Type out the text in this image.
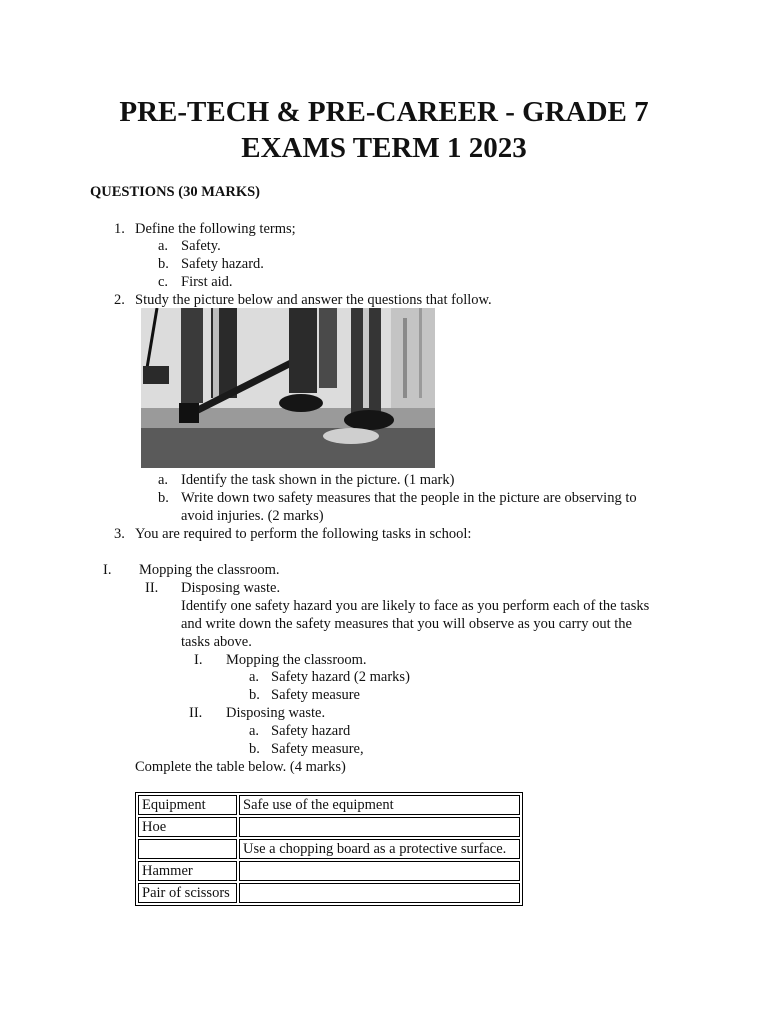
PRE-TECH & PRE-CAREER - GRADE 7
EXAMS TERM 1 2023
QUESTIONS (30 MARKS)
1. Define the following terms;
a. Safety.
b. Safety hazard.
c. First aid.
2. Study the picture below and answer the questions that follow.
a. Identify the task shown in the picture. (1 mark)
b. Write down two safety measures that the people in the picture are observing to
avoid injuries. (2 marks)
3. You are required to perform the following tasks in school:
I. Mopping the classroom.
II. Disposing waste.
Identify one safety hazard you are likely to face as you perform each of the tasks
and write down the safety measures that you will observe as you carry out the
tasks above.
I. Mopping the classroom.
a. Safety hazard (2 marks)
b. Safety measure
II. Disposing waste.
a. Safety hazard
b. Safety measure,
Complete the table below. (4 marks)
Equipment	Safe use of the equipment
Hoe	
	Use a chopping board as a protective surface.
Hammer	
Pair of scissors	
